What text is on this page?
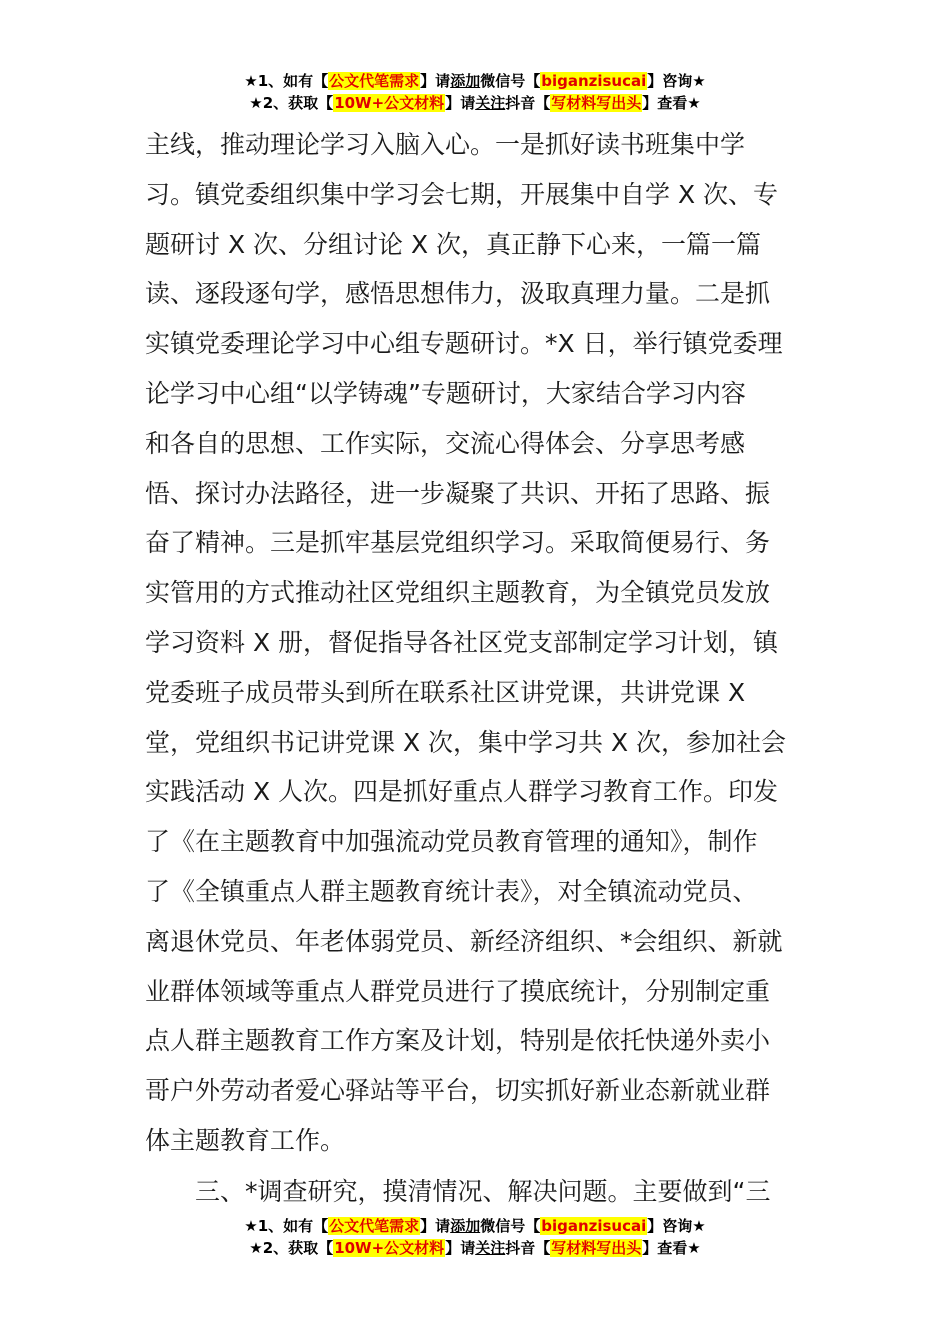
★1、如有【公文代笔需求】请添加微信号【biganzisucai】咨询★
★2、获取【10W+公文材料】请关注抖音【写材料写出头】查看★
主线，推动理论学习入脑入心。一是抓好读书班集中学
习。镇党委组织集中学习会七期，开展集中自学 X 次、专
题研讨 X 次、分组讨论 X 次，真正静下心来，一篇一篇
读、逐段逐句学，感悟思想伟力，汲取真理力量。二是抓
实镇党委理论学习中心组专题研讨。*X 日，举行镇党委理
论学习中心组“以学铸魂”专题研讨，大家结合学习内容
和各自的思想、工作实际，交流心得体会、分享思考感
悟、探讨办法路径，进一步凝聚了共识、开拓了思路、振
奋了精神。三是抓牢基层党组织学习。采取简便易行、务
实管用的方式推动社区党组织主题教育，为全镇党员发放
学习资料 X 册，督促指导各社区党支部制定学习计划，镇
党委班子成员带头到所在联系社区讲党课，共讲党课 X
堂，党组织书记讲党课 X 次，集中学习共 X 次，参加社会
实践活动 X 人次。四是抓好重点人群学习教育工作。印发
了《在主题教育中加强流动党员教育管理的通知》，制作
了《全镇重点人群主题教育统计表》，对全镇流动党员、
离退休党员、年老体弱党员、新经济组织、*会组织、新就
业群体领域等重点人群党员进行了摸底统计，分别制定重
点人群主题教育工作方案及计划，特别是依托快递外卖小
哥户外劳动者爱心驿站等平台，切实抓好新业态新就业群
体主题教育工作。
三、*调查研究，摸清情况、解决问题。主要做到“三
★1、如有【公文代笔需求】请添加微信号【biganzisucai】咨询★
★2、获取【10W+公文材料】请关注抖音【写材料写出头】查看★
